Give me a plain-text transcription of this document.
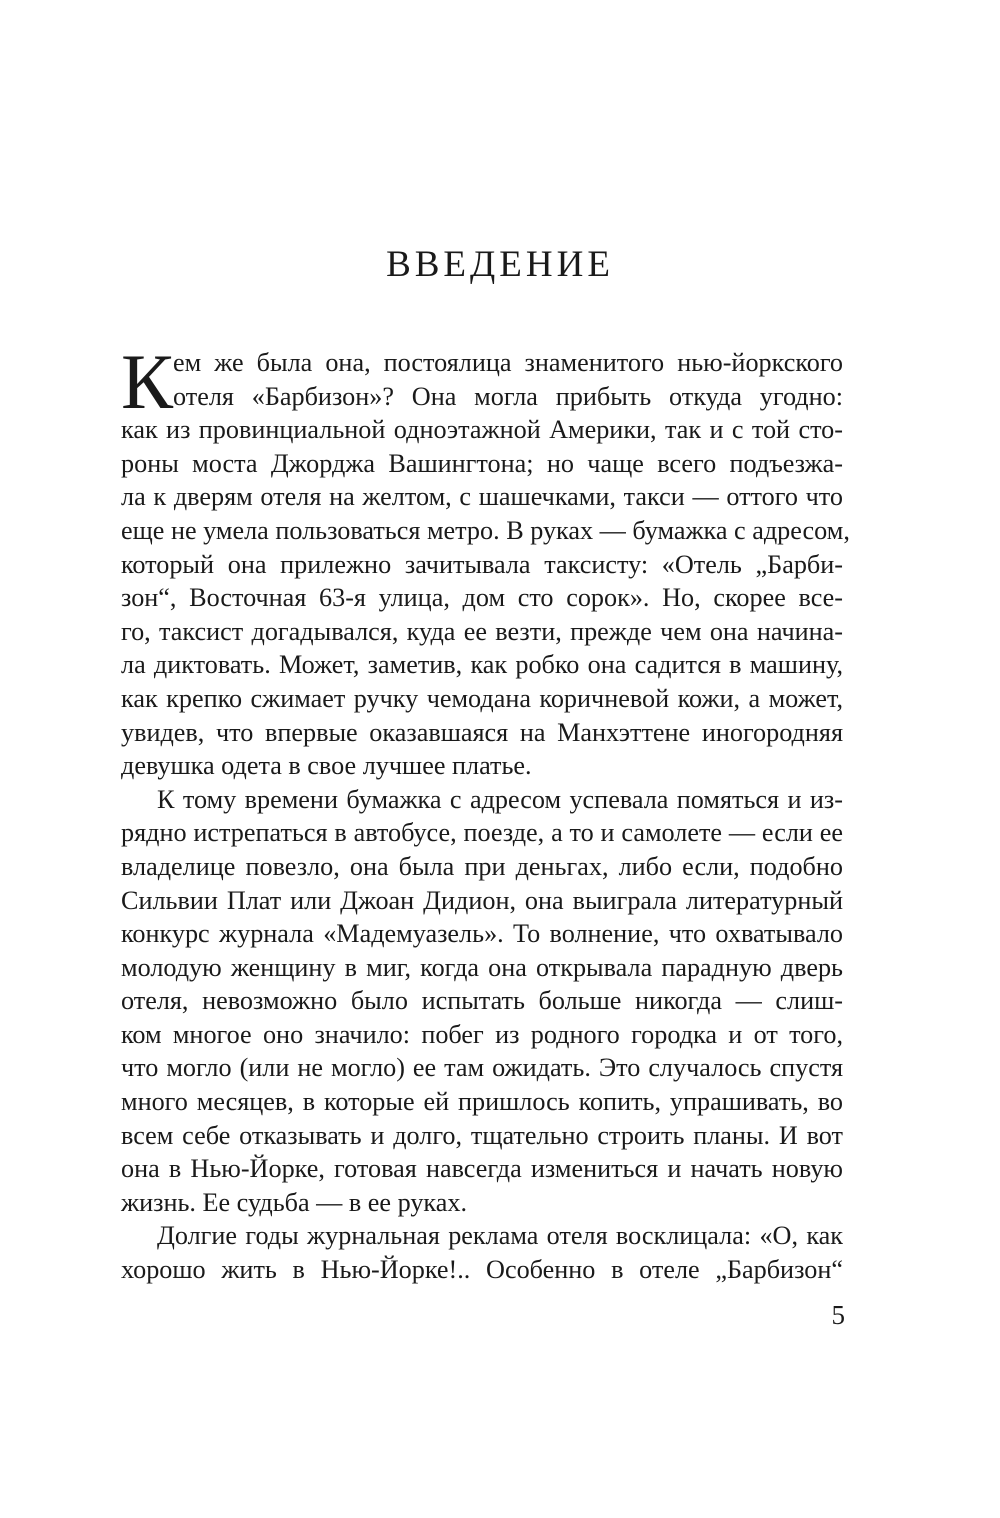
ВВЕДЕНИЕ
К ем же была она, постоялица знаменитого нью-йоркского
отеля «Барбизон»? Она могла прибыть откуда угодно:
как из провинциальной одноэтажной Америки, так и с той сто-
роны моста Джорджа Вашингтона; но чаще всего подъезжа-
ла к дверям отеля на желтом, с шашечками, такси — оттого что
еще не умела пользоваться метро. В руках — бумажка с адресом,
который она прилежно зачитывала таксисту: «Отель „Барби-
зон“, Восточная 63-я улица, дом сто сорок». Но, скорее все-
го, таксист догадывался, куда ее везти, прежде чем она начина-
ла диктовать. Может, заметив, как робко она садится в машину,
как крепко сжимает ручку чемодана коричневой кожи, а может,
увидев, что впервые оказавшаяся на Манхэттене иногородняя
девушка одета в свое лучшее платье.
К тому времени бумажка с адресом успевала помяться и из-
рядно истрепаться в автобусе, поезде, а то и самолете — если ее
владелице повезло, она была при деньгах, либо если, подобно
Сильвии Плат или Джоан Дидион, она выиграла литературный
конкурс журнала «Мадемуазель». То волнение, что охватывало
молодую женщину в миг, когда она открывала парадную дверь
отеля, невозможно было испытать больше никогда — слиш-
ком многое оно значило: побег из родного городка и от того,
что могло (или не могло) ее там ожидать. Это случалось спустя
много месяцев, в которые ей пришлось копить, упрашивать, во
всем себе отказывать и долго, тщательно строить планы. И вот
она в Нью-Йорке, готовая навсегда измениться и начать новую
жизнь. Ее судьба — в ее руках.
Долгие годы журнальная реклама отеля восклицала: «О, как
хорошо жить в Нью-Йорке!.. Особенно в отеле „Барбизон“
5
